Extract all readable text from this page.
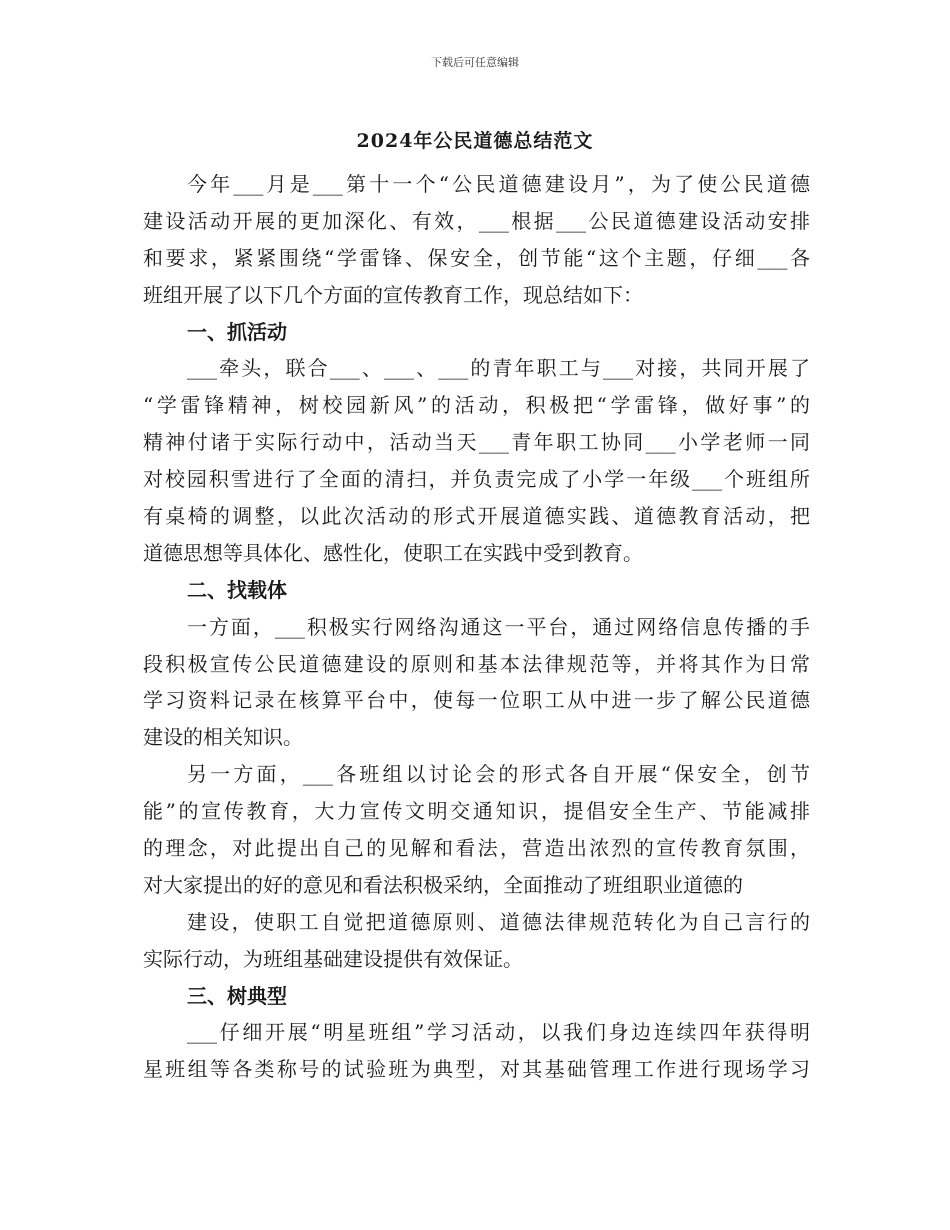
下载后可任意编辑
2024年公民道德总结范文
今年___月是___第十一个“公民道德建设月”，为了使公民道德
建设活动开展的更加深化、有效，___根据___公民道德建设活动安排
和要求，紧紧围绕“学雷锋、保安全，创节能“这个主题，仔细___各
班组开展了以下几个方面的宣传教育工作，现总结如下：
一、抓活动
___牵头，联合___、___、___的青年职工与___对接，共同开展了
“学雷锋精神，树校园新风”的活动，积极把“学雷锋，做好事”的
精神付诸于实际行动中，活动当天___青年职工协同___小学老师一同
对校园积雪进行了全面的清扫，并负责完成了小学一年级___个班组所
有桌椅的调整，以此次活动的形式开展道德实践、道德教育活动，把
道德思想等具体化、感性化，使职工在实践中受到教育。
二、找载体
一方面，___积极实行网络沟通这一平台，通过网络信息传播的手
段积极宣传公民道德建设的原则和基本法律规范等，并将其作为日常
学习资料记录在核算平台中，使每一位职工从中进一步了解公民道德
建设的相关知识。
另一方面，___各班组以讨论会的形式各自开展“保安全，创节
能”的宣传教育，大力宣传文明交通知识，提倡安全生产、节能减排
的理念，对此提出自己的见解和看法，营造出浓烈的宣传教育氛围，
对大家提出的好的意见和看法积极采纳，全面推动了班组职业道德的
建设，使职工自觉把道德原则、道德法律规范转化为自己言行的
实际行动，为班组基础建设提供有效保证。
三、树典型
___仔细开展“明星班组”学习活动，以我们身边连续四年获得明
星班组等各类称号的试验班为典型，对其基础管理工作进行现场学习
